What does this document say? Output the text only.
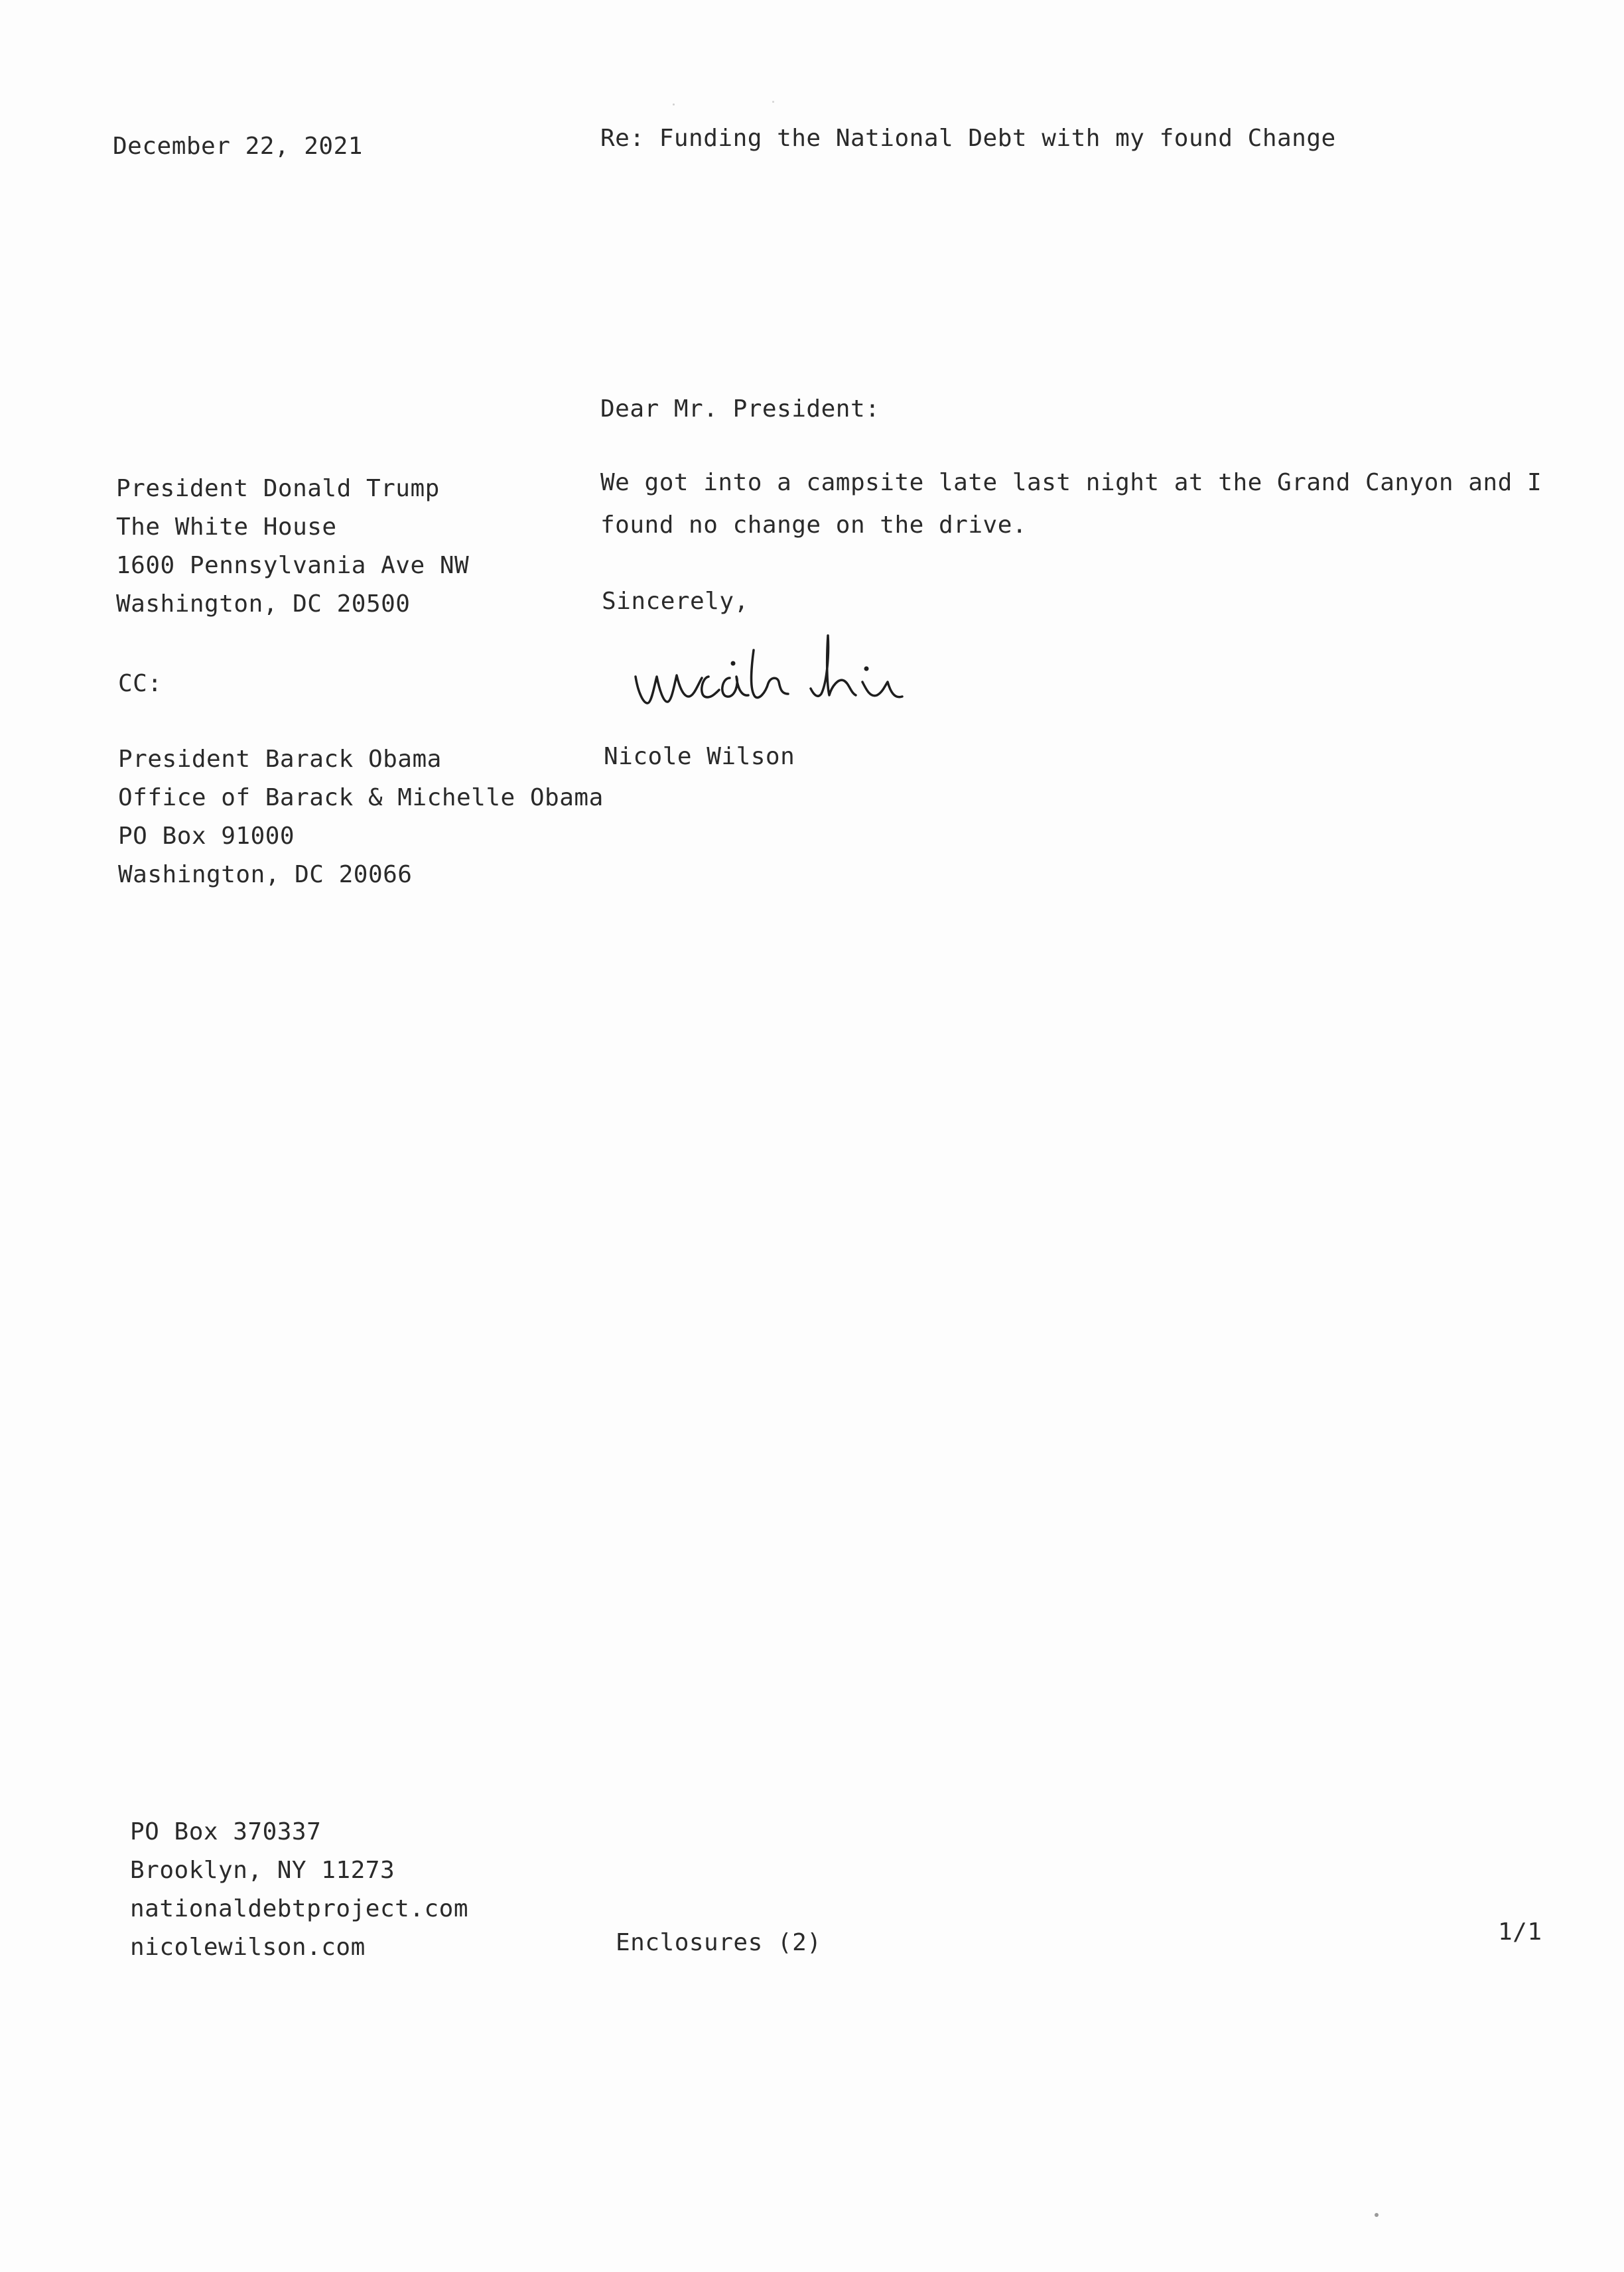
December 22, 2021	Re: Funding the National Debt with my found Change
Dear Mr. President:
We got into a campsite late last night at the Grand Canyon and I
found no change on the drive.
Sincerely,
Nicole Wilson
President Donald Trump
The White House
1600 Pennsylvania Ave NW
Washington, DC 20500
CC:
President Barack Obama
Office of Barack & Michelle Obama
PO Box 91000
Washington, DC 20066
PO Box 370337
Brooklyn, NY 11273
nationaldebtproject.com
nicolewilson.com	Enclosures (2)	1/1
